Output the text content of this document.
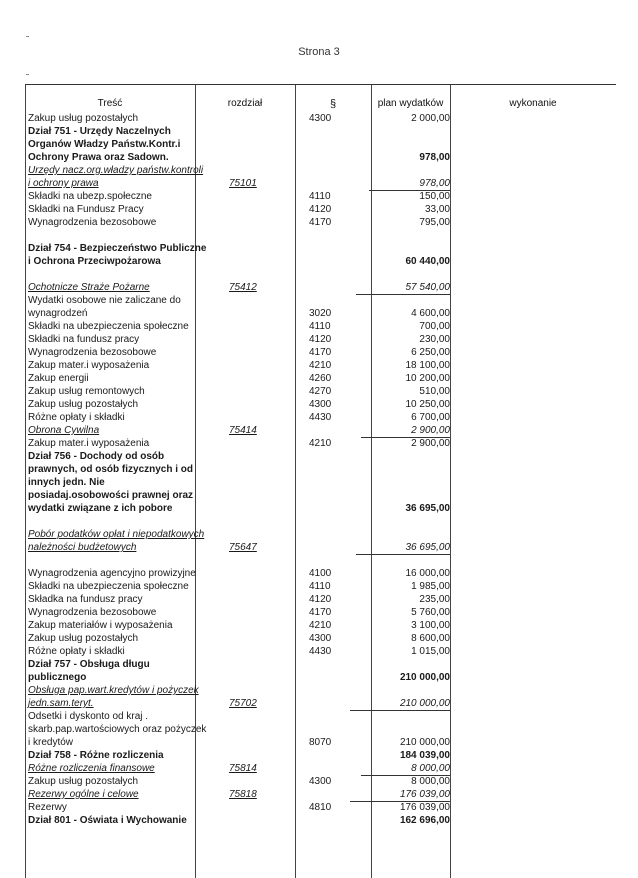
Strona 3
Treść	rozdział	§	plan wydatków	wykonanie
Zakup usług pozostałych	4300	2 000,00
Dział 751 - Urzędy Naczelnych
Organów Władzy Państw.Kontr.i
Ochrony Prawa oraz Sadown.	978,00
Urzędy nacz.org.władzy państw.kontroli
i ochrony prawa	75101	978,00
Składki na ubezp.społeczne	4110	150,00
Składki na Fundusz Pracy	4120	33,00
Wynagrodzenia bezosobowe	4170	795,00
Dział 754 - Bezpieczeństwo Publiczne
i Ochrona Przeciwpożarowa	60 440,00
Ochotnicze Straże Pożarne	75412	57 540,00
Wydatki osobowe nie zaliczane do
wynagrodzeń	3020	4 600,00
Składki na ubezpieczenia społeczne	4110	700,00
Składki na fundusz pracy	4120	230,00
Wynagrodzenia bezosobowe	4170	6 250,00
Zakup mater.i wyposażenia	4210	18 100,00
Zakup energii	4260	10 200,00
Zakup usług remontowych	4270	510,00
Zakup usług pozostałych	4300	10 250,00
Różne opłaty i składki	4430	6 700,00
Obrona Cywilna	75414	2 900,00
Zakup mater.i wyposażenia	4210	2 900,00
Dział 756 - Dochody od osób
prawnych, od osób fizycznych i od
innych jedn. Nie
posiadaj.osobowości prawnej oraz
wydatki związane z ich pobore	36 695,00
Pobór podatków opłat i niepodatkowych
należności budżetowych	75647	36 695,00
Wynagrodzenia agencyjno prowizyjne	4100	16 000,00
Składki na ubezpieczenia społeczne	4110	1 985,00
Składka na fundusz pracy	4120	235,00
Wynagrodzenia bezosobowe	4170	5 760,00
Zakup materiałów i wyposażenia	4210	3 100,00
Zakup usług pozostałych	4300	8 600,00
Różne opłaty i składki	4430	1 015,00
Dział 757 - Obsługa długu
publicznego	210 000,00
Obsługa pap.wart.kredytów i pożyczek
jedn.sam.teryt.	75702	210 000,00
Odsetki i dyskonto od kraj .
skarb.pap.wartościowych oraz pożyczek
i kredytów	8070	210 000,00
Dział 758 - Różne rozliczenia	184 039,00
Różne rozliczenia finansowe	75814	8 000,00
Zakup usług pozostałych	4300	8 000,00
Rezerwy ogólne i celowe	75818	176 039,00
Rezerwy	4810	176 039,00
Dział 801 - Oświata i Wychowanie	162 696,00
